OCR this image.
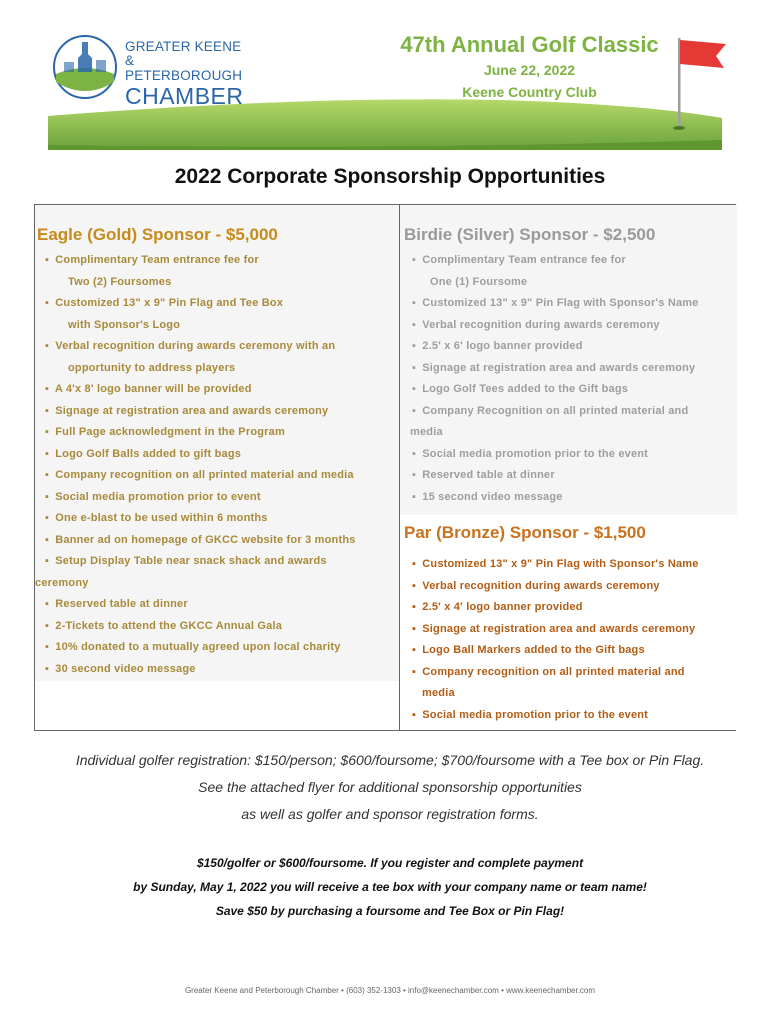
GREATER KEENE &
PETERBOROUGH
CHAMBER
47th Annual Golf Classic
June 22, 2022
Keene Country Club
2022 Corporate Sponsorship Opportunities
Eagle (Gold) Sponsor - $5,000
▪ Complimentary Team entrance fee for
Two (2) Foursomes
▪ Customized 13" x 9" Pin Flag and Tee Box
with Sponsor's Logo
▪ Verbal recognition during awards ceremony with an
opportunity to address players
▪ A 4'x 8' logo banner will be provided
▪ Signage at registration area and awards ceremony
▪ Full Page acknowledgment in the Program
▪ Logo Golf Balls added to gift bags
▪ Company recognition on all printed material and media
▪ Social media promotion prior to event
▪ One e-blast to be used within 6 months
▪ Banner ad on homepage of GKCC website for 3 months
▪ Setup Display Table near snack shack and awards
ceremony
▪ Reserved table at dinner
▪ 2-Tickets to attend the GKCC Annual Gala
▪ 10% donated to a mutually agreed upon local charity
▪ 30 second video message
Birdie (Silver) Sponsor - $2,500
▪ Complimentary Team entrance fee for
One (1) Foursome
▪ Customized 13" x 9" Pin Flag with Sponsor's Name
▪ Verbal recognition during awards ceremony
▪ 2.5' x 6' logo banner provided
▪ Signage at registration area and awards ceremony
▪ Logo Golf Tees added to the Gift bags
▪ Company Recognition on all printed material and
media
▪ Social media promotion prior to the event
▪ Reserved table at dinner
▪ 15 second video message
Par (Bronze) Sponsor - $1,500
▪ Customized 13" x 9" Pin Flag with Sponsor's Name
▪ Verbal recognition during awards ceremony
▪ 2.5' x 4' logo banner provided
▪ Signage at registration area and awards ceremony
▪ Logo Ball Markers added to the Gift bags
▪ Company recognition on all printed material and
media
▪ Social media promotion prior to the event
Individual golfer registration: $150/person; $600/foursome; $700/foursome with a Tee box or Pin Flag.
See the attached flyer for additional sponsorship opportunities
as well as golfer and sponsor registration forms.
$150/golfer or $600/foursome. If you register and complete payment
by Sunday, May 1, 2022 you will receive a tee box with your company name or team name!
Save $50 by purchasing a foursome and Tee Box or Pin Flag!
Greater Keene and Peterborough Chamber • (603) 352-1303 • info@keenechamber.com • www.keenechamber.com
